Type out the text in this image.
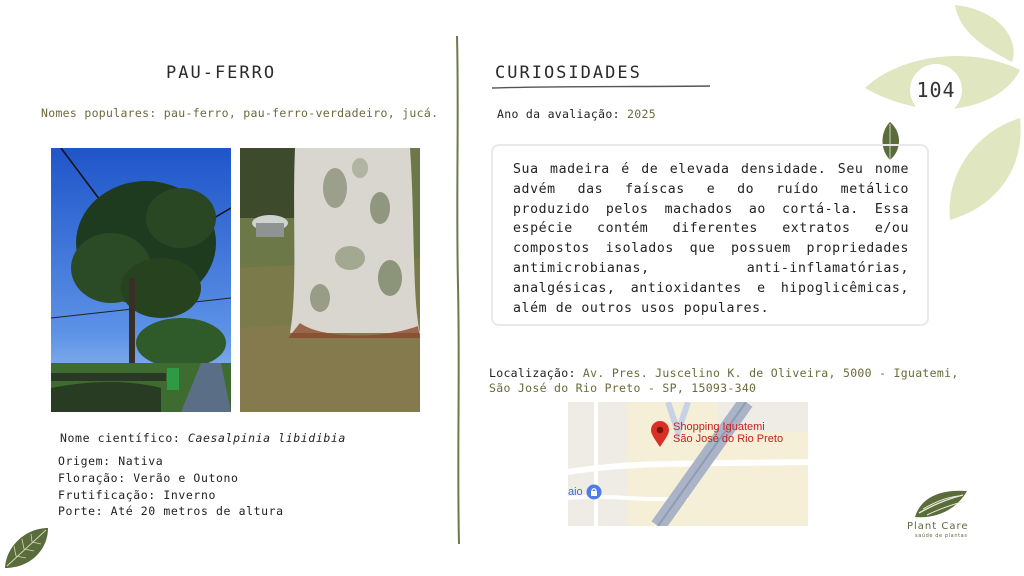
104
PAU-FERRO
Nomes populares: pau-ferro, pau-ferro-verdadeiro, jucá.
Nome científico: Caesalpinia libidibia
Origem: Nativa
Floração: Verão e Outono
Frutificação: Inverno
Porte: Até 20 metros de altura
CURIOSIDADES
Ano da avaliação: 2025
Sua madeira é de elevada densidade. Seu nome advém das faíscas e do ruído metálico produzido pelos machados ao cortá-la. Essa espécie contém diferentes extratos e/ou compostos isolados que possuem propriedades antimicrobianas, anti-inflamatórias, analgésicas, antioxidantes e hipoglicêmicas, além de outros usos populares.
Localização: Av. Pres. Juscelino K. de Oliveira, 5000 - Iguatemi, São José do Rio Preto - SP, 15093-340
Shopping Iguatemi
São José do Rio Preto
aio
Plant Care
saúde de plantas
